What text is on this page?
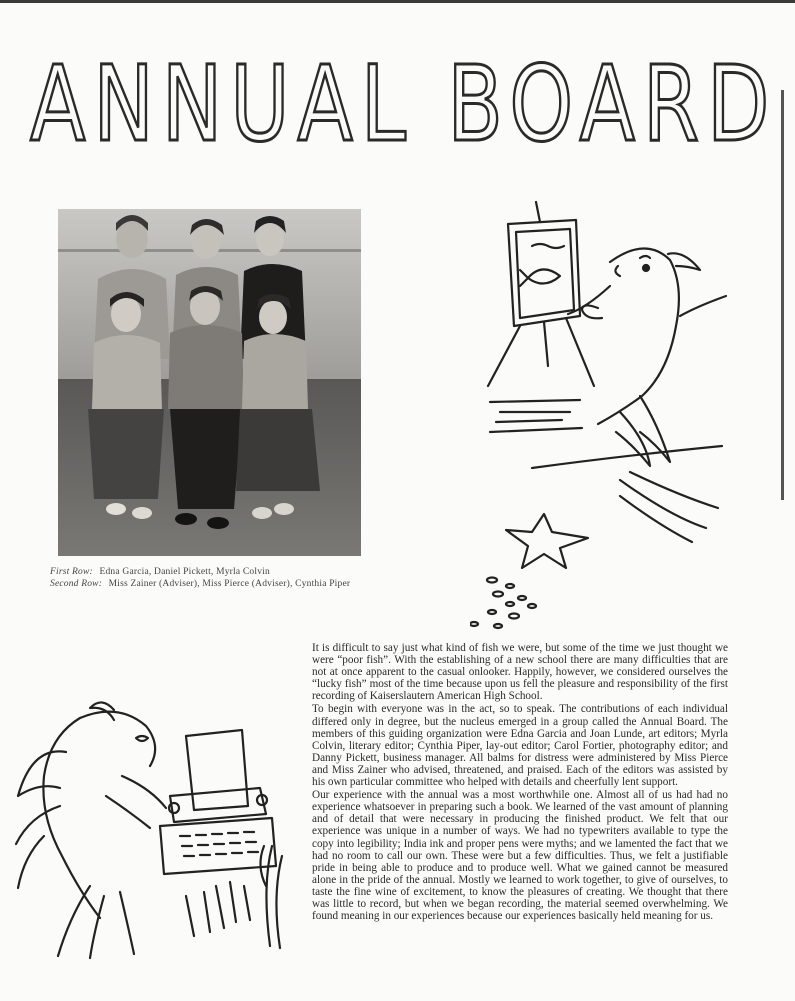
ANNUAL BOARD
First Row: Edna Garcia, Daniel Pickett, Myrla Colvin
Second Row: Miss Zainer (Adviser), Miss Pierce (Adviser), Cynthia Piper

It is difficult to say just what kind of fish we were, but some of the time we just thought we were “poor fish”. With the establishing of a new school there are many difficulties that are not at once apparent to the casual onlooker. Happily, however, we considered ourselves the “lucky fish” most of the time because upon us fell the pleasure and responsibility of the first recording of Kaiserslautern American High School.

To begin with everyone was in the act, so to speak. The contributions of each individual differed only in degree, but the nucleus emerged in a group called the Annual Board. The members of this guiding organization were Edna Garcia and Joan Lunde, art editors; Myrla Colvin, literary editor; Cynthia Piper, lay-out editor; Carol Fortier, photography editor; and Danny Pickett, business manager. All balms for distress were administered by Miss Pierce and Miss Zainer who advised, threatened, and praised. Each of the editors was assisted by his own particular committee who helped with details and cheerfully lent support.

Our experience with the annual was a most worthwhile one. Almost all of us had had no experience whatsoever in preparing such a book. We learned of the vast amount of planning and of detail that were necessary in producing the finished product. We felt that our experience was unique in a number of ways. We had no typewriters available to type the copy into legibility; India ink and proper pens were myths; and we lamented the fact that we had no room to call our own. These were but a few difficulties. Thus, we felt a justifiable pride in being able to produce and to produce well. What we gained cannot be measured alone in the pride of the annual. Mostly we learned to work together, to give of ourselves, to taste the fine wine of excitement, to know the pleasures of creating. We thought that there was little to record, but when we began recording, the material seemed overwhelming. We found meaning in our experiences because our experiences basically held meaning for us.
